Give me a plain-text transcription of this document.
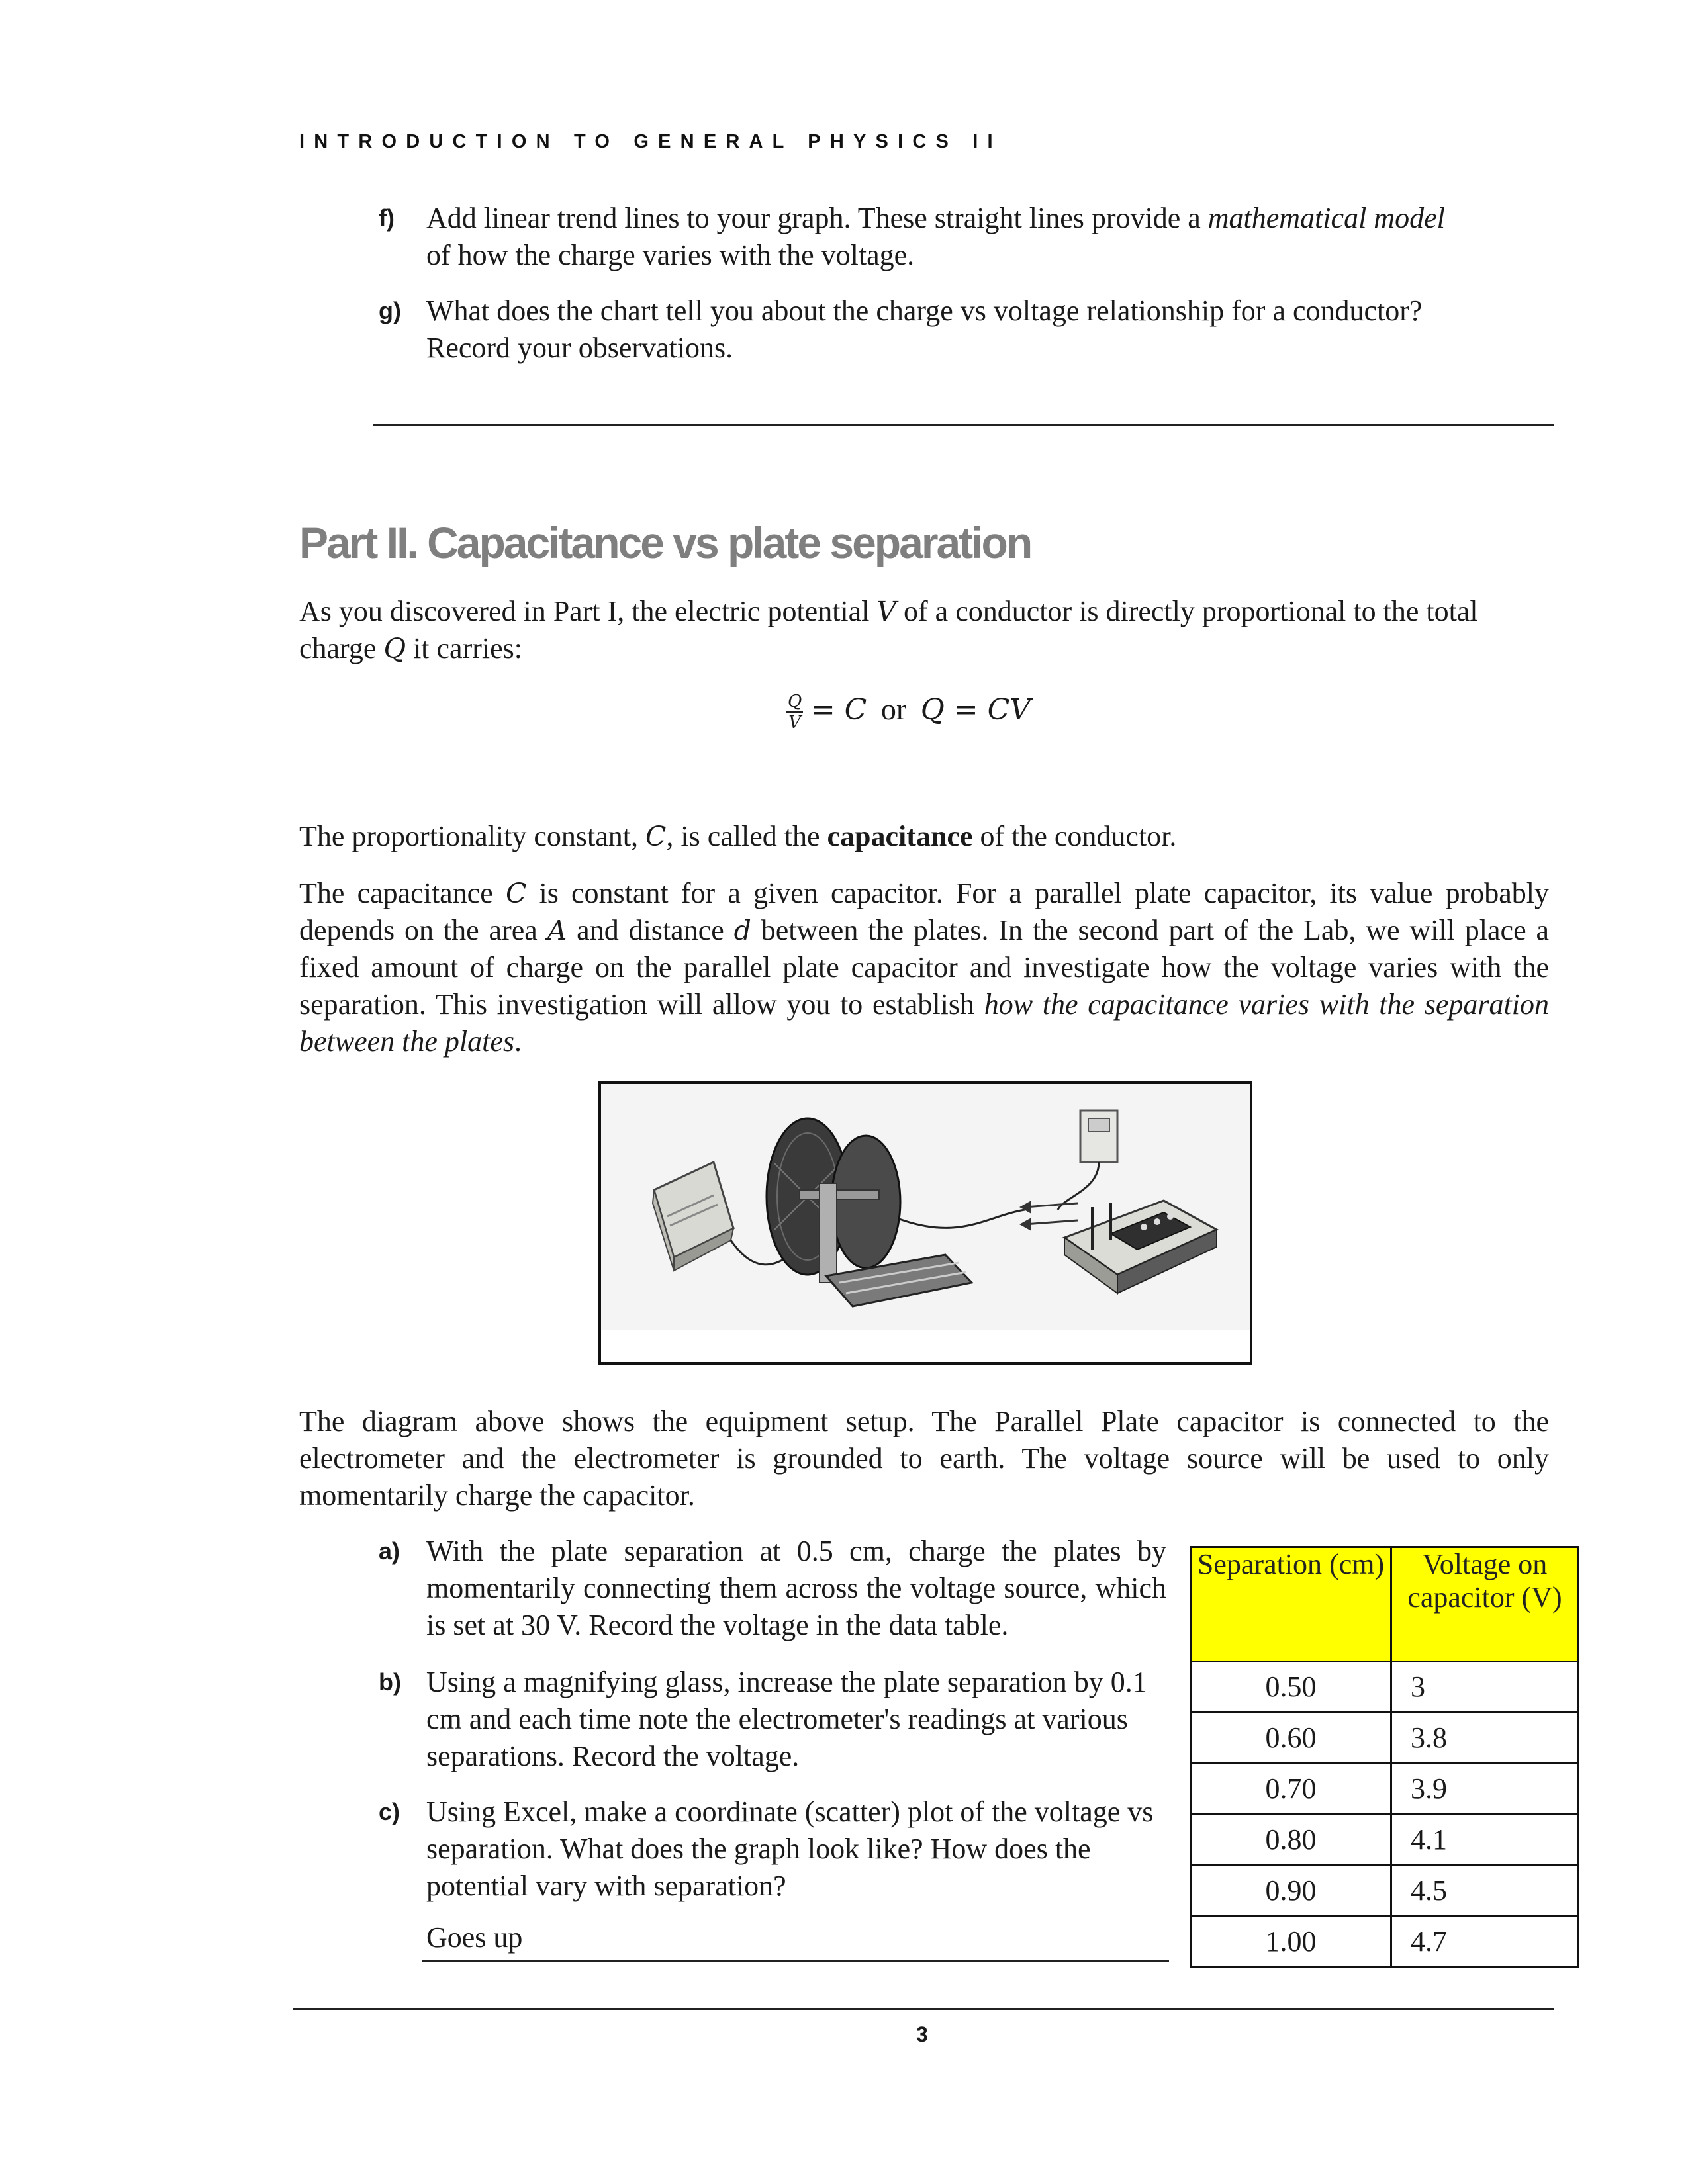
INTRODUCTION TO GENERAL PHYSICS II
f) Add linear trend lines to your graph. These straight lines provide a mathematical model
of how the charge varies with the voltage.
g) What does the chart tell you about the charge vs voltage relationship for a conductor?
Record your observations.
Part II. Capacitance vs plate separation
As you discovered in Part I, the electric potential V of a conductor is directly proportional to the total
charge Q it carries:
$\frac{Q}{V} = C$ or Q = CV
The proportionality constant, C, is called the capacitance of the conductor.
The capacitance C is constant for a given capacitor. For a parallel plate capacitor, its value probably depends on the area A and distance d between the plates. In the second part of the Lab, we will place a fixed amount of charge on the parallel plate capacitor and investigate how the voltage varies with the separation. This investigation will allow you to establish how the capacitance varies with the separation between the plates.
The diagram above shows the equipment setup. The Parallel Plate capacitor is connected to the electrometer and the electrometer is grounded to earth. The voltage source will be used to only momentarily charge the capacitor.
a) With the plate separation at 0.5 cm, charge the plates by momentarily connecting them across the voltage source, which is set at 30 V. Record the voltage in the data table.
b) Using a magnifying glass, increase the plate separation by 0.1 cm and each time note the electrometer's readings at various separations. Record the voltage.
c) Using Excel, make a coordinate (scatter) plot of the voltage vs separation. What does the graph look like? How does the potential vary with separation?
Goes up
Separation (cm)	Voltage on capacitor (V)
0.50	3
0.60	3.8
0.70	3.9
0.80	4.1
0.90	4.5
1.00	4.7
3
